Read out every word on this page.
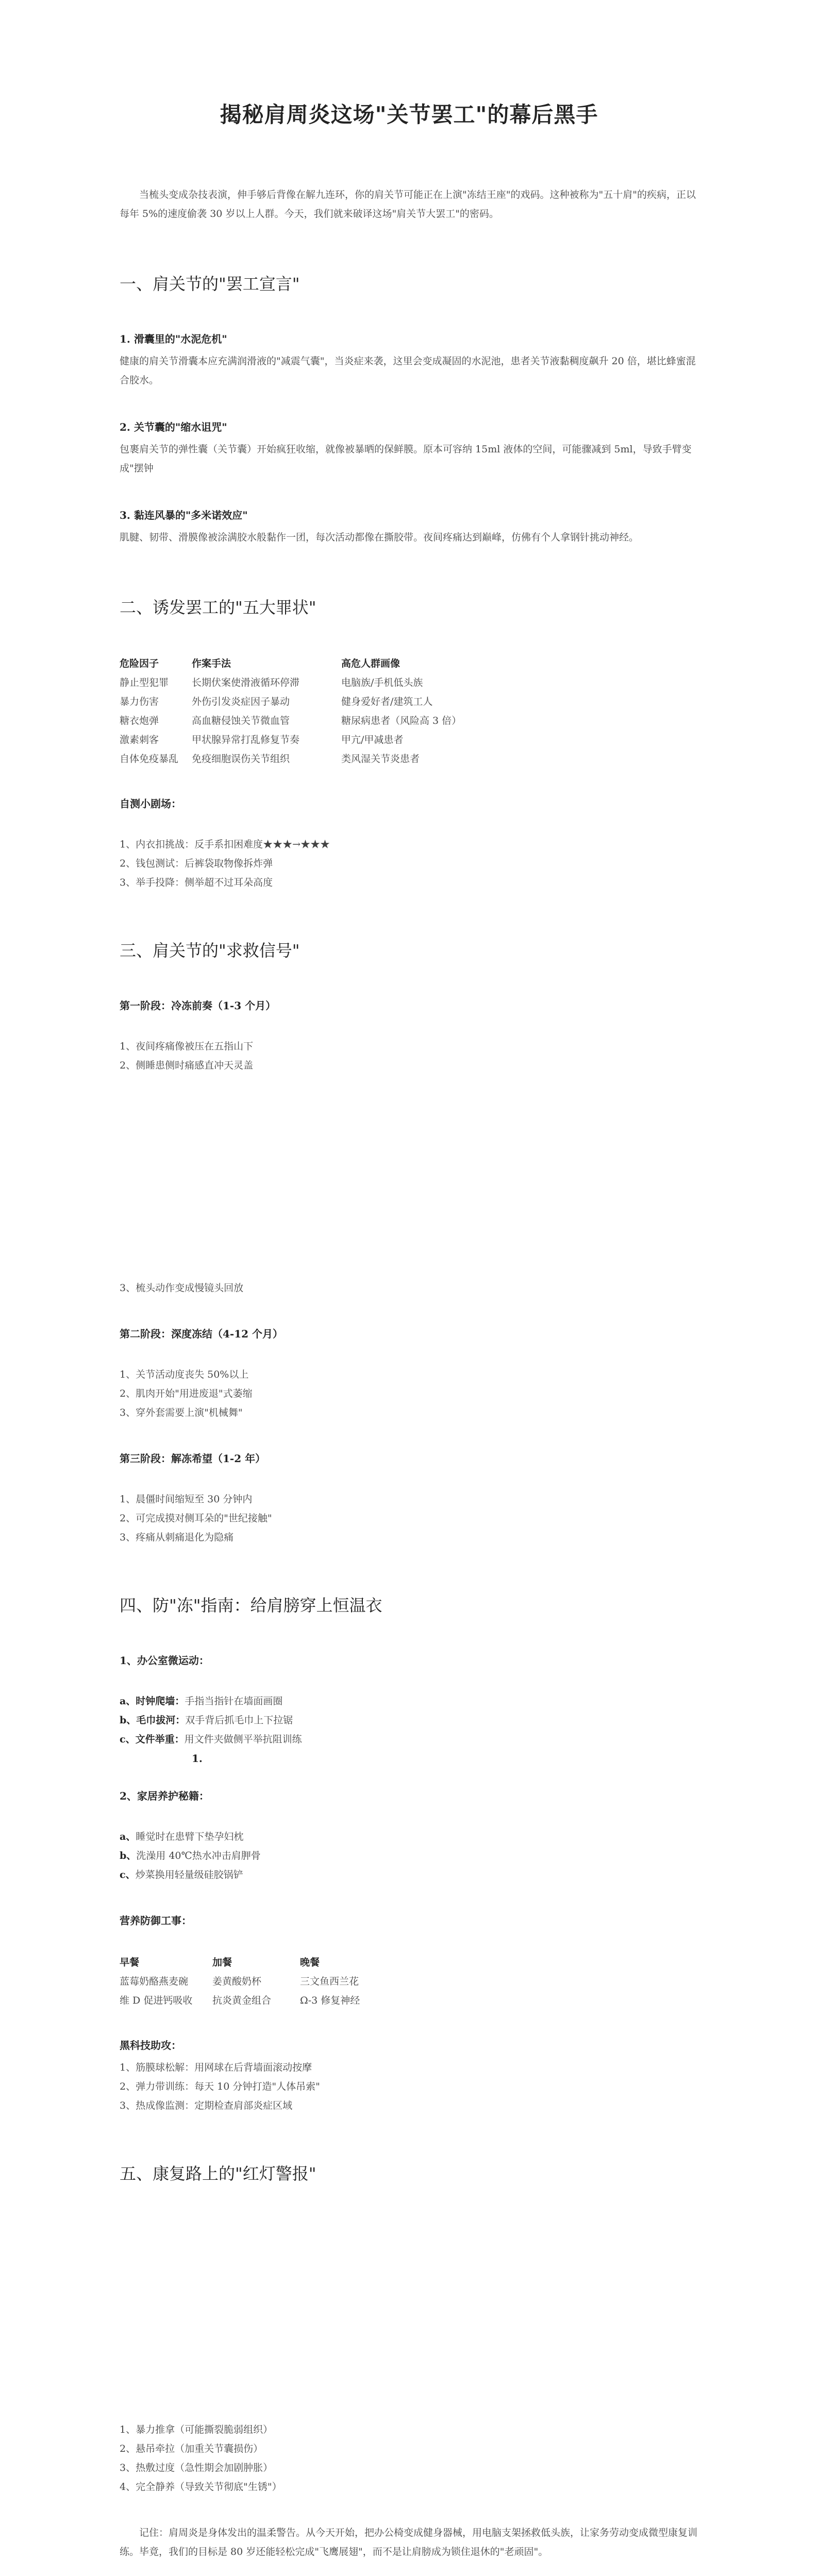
揭秘肩周炎这场"关节罢工"的幕后黑手

当梳头变成杂技表演，伸手够后背像在解九连环，你的肩关节可能正在上演"冻结王座"的戏码。这种被称为"五十肩"的疾病，正以每年 5%的速度偷袭 30 岁以上人群。今天，我们就来破译这场"肩关节大罢工"的密码。

一、肩关节的"罢工宣言"
1. 滑囊里的"水泥危机"

健康的肩关节滑囊本应充满润滑液的"减震气囊"，当炎症来袭，这里会变成凝固的水泥池，患者关节液黏稠度飙升 20 倍，堪比蜂蜜混合胶水。

2. 关节囊的"缩水诅咒"

包裹肩关节的弹性囊（关节囊）开始疯狂收缩，就像被暴晒的保鲜膜。原本可容纳 15ml 液体的空间，可能骤减到 5ml，导致手臂变成"摆钟

3. 黏连风暴的"多米诺效应"

肌腱、韧带、滑膜像被涂满胶水般黏作一团，每次活动都像在撕胶带。夜间疼痛达到巅峰，仿佛有个人拿钢针挑动神经。

二、诱发罢工的"五大罪状"
危险因子	作案手法	高危人群画像
静止型犯罪	长期伏案使滑液循环停滞	电脑族/手机低头族
暴力伤害	外伤引发炎症因子暴动	健身爱好者/建筑工人
糖衣炮弹	高血糖侵蚀关节微血管	糖尿病患者（风险高 3 倍）
激素刺客	甲状腺异常打乱修复节奏	甲亢/甲减患者
自体免疫暴乱	免疫细胞误伤关节组织	类风湿关节炎患者
自测小剧场：

1、内衣扣挑战：反手系扣困难度★★★→★★★

2、钱包测试：后裤袋取物像拆炸弹

3、举手投降：侧举超不过耳朵高度

三、肩关节的"求救信号"
第一阶段：冷冻前奏（1-3 个月）

1、夜间疼痛像被压在五指山下

2、侧睡患侧时痛感直冲天灵盖

3、梳头动作变成慢镜头回放

第二阶段：深度冻结（4-12 个月）

1、关节活动度丧失 50%以上

2、肌肉开始"用进废退"式萎缩

3、穿外套需要上演"机械舞"

第三阶段：解冻希望（1-2 年）

1、晨僵时间缩短至 30 分钟内

2、可完成摸对侧耳朵的"世纪接触"

3、疼痛从刺痛退化为隐痛

四、防"冻"指南：给肩膀穿上恒温衣
1、办公室微运动：

a、时钟爬墙：手指当指针在墙面画圈

b、毛巾拔河：双手背后抓毛巾上下拉锯

c、文件举重：用文件夹做侧平举抗阻训练

1.
2、家居养护秘籍：

a、睡觉时在患臂下垫孕妇枕

b、洗澡用 40℃热水冲击肩胛骨

c、炒菜换用轻量级硅胶锅铲

营养防御工事：
早餐	加餐	晚餐
蓝莓奶酪燕麦碗	姜黄酸奶杯	三文鱼西兰花
维 D 促进钙吸收	抗炎黄金组合	Ω-3 修复神经
黑科技助攻：

1、筋膜球松解：用网球在后背墙面滚动按摩

2、弹力带训练：每天 10 分钟打造"人体吊索"

3、热成像监测：定期检查肩部炎症区域

五、康复路上的"红灯警报"

1、暴力推拿（可能撕裂脆弱组织）

2、悬吊牵拉（加重关节囊损伤）

3、热敷过度（急性期会加剧肿胀）

4、完全静养（导致关节彻底"生锈"）

记住：肩周炎是身体发出的温柔警告。从今天开始，把办公椅变成健身器械，用电脑支架拯救低头族，让家务劳动变成微型康复训练。毕竟，我们的目标是 80 岁还能轻松完成"飞鹰展翅"，而不是让肩膀成为锁住退休的"老顽固"。
